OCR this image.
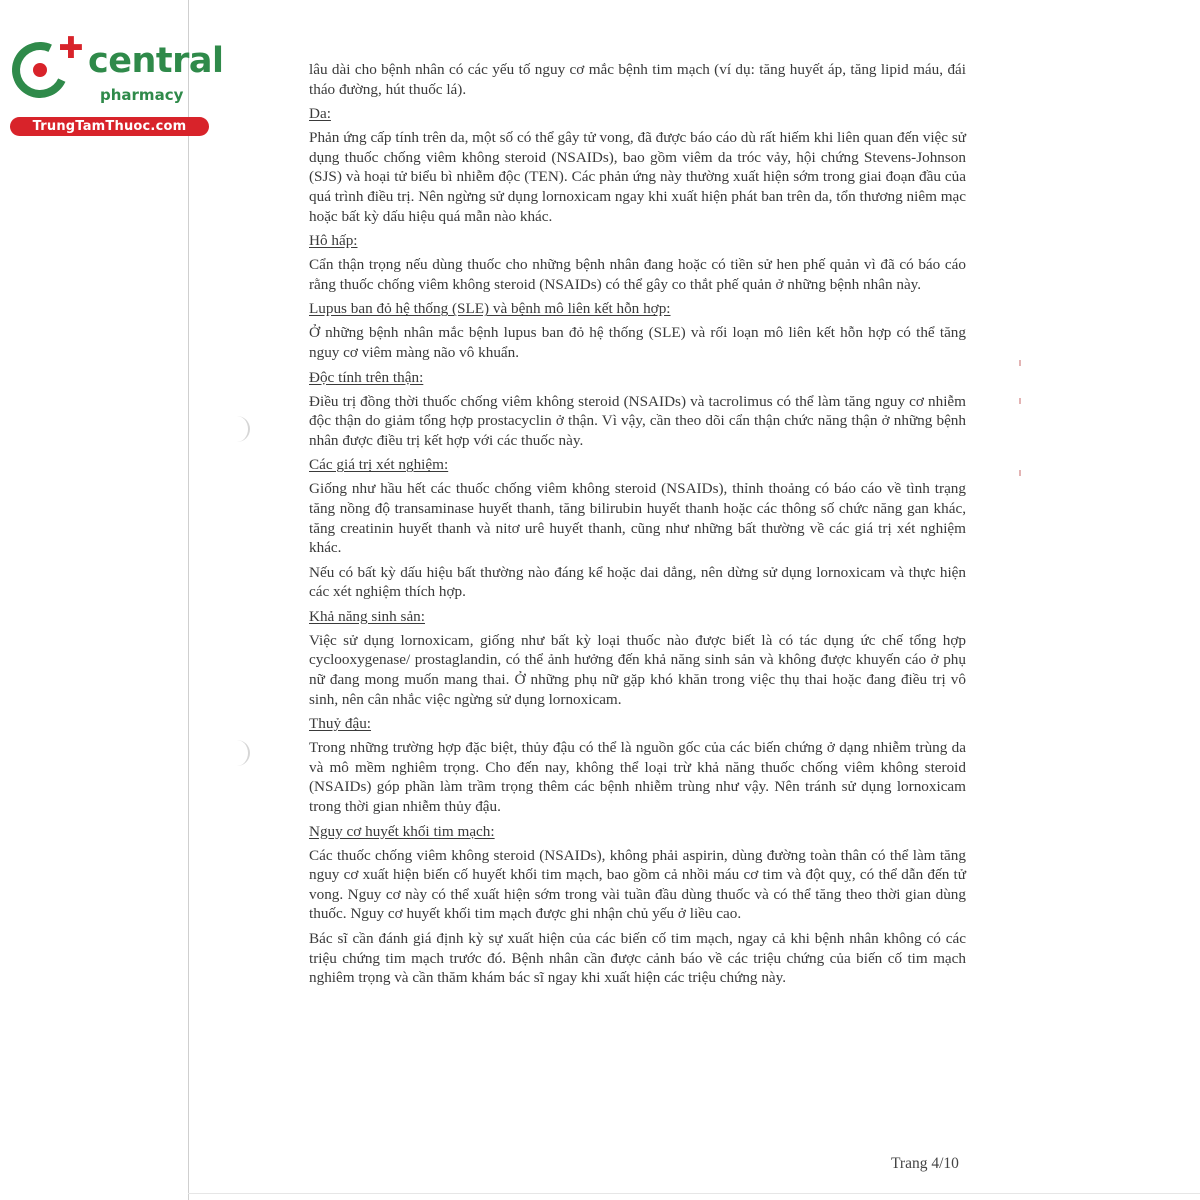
✚ central
pharmacy
TrungTamThuoc.com

lâu dài cho bệnh nhân có các yếu tố nguy cơ mắc bệnh tim mạch (ví dụ: tăng huyết áp, tăng lipid máu, đái tháo đường, hút thuốc lá).

Da:

Phản ứng cấp tính trên da, một số có thể gây tử vong, đã được báo cáo dù rất hiếm khi liên quan đến việc sử dụng thuốc chống viêm không steroid (NSAIDs), bao gồm viêm da tróc vảy, hội chứng Stevens-Johnson (SJS) và hoại tử biểu bì nhiễm độc (TEN). Các phản ứng này thường xuất hiện sớm trong giai đoạn đầu của quá trình điều trị. Nên ngừng sử dụng lornoxicam ngay khi xuất hiện phát ban trên da, tổn thương niêm mạc hoặc bất kỳ dấu hiệu quá mẫn nào khác.

Hô hấp:

Cẩn thận trọng nếu dùng thuốc cho những bệnh nhân đang hoặc có tiền sử hen phế quản vì đã có báo cáo rằng thuốc chống viêm không steroid (NSAIDs) có thể gây co thắt phế quản ở những bệnh nhân này.

Lupus ban đỏ hệ thống (SLE) và bệnh mô liên kết hỗn hợp:

Ở những bệnh nhân mắc bệnh lupus ban đỏ hệ thống (SLE) và rối loạn mô liên kết hỗn hợp có thể tăng nguy cơ viêm màng não vô khuẩn.

Độc tính trên thận:

Điều trị đồng thời thuốc chống viêm không steroid (NSAIDs) và tacrolimus có thể làm tăng nguy cơ nhiễm độc thận do giảm tổng hợp prostacyclin ở thận. Vì vậy, cần theo dõi cẩn thận chức năng thận ở những bệnh nhân được điều trị kết hợp với các thuốc này.

Các giá trị xét nghiệm:

Giống như hầu hết các thuốc chống viêm không steroid (NSAIDs), thỉnh thoảng có báo cáo về tình trạng tăng nồng độ transaminase huyết thanh, tăng bilirubin huyết thanh hoặc các thông số chức năng gan khác, tăng creatinin huyết thanh và nitơ urê huyết thanh, cũng như những bất thường về các giá trị xét nghiệm khác.

Nếu có bất kỳ dấu hiệu bất thường nào đáng kể hoặc dai dẳng, nên dừng sử dụng lornoxicam và thực hiện các xét nghiệm thích hợp.

Khả năng sinh sản:

Việc sử dụng lornoxicam, giống như bất kỳ loại thuốc nào được biết là có tác dụng ức chế tổng hợp cyclooxygenase/ prostaglandin, có thể ảnh hưởng đến khả năng sinh sản và không được khuyến cáo ở phụ nữ đang mong muốn mang thai. Ở những phụ nữ gặp khó khăn trong việc thụ thai hoặc đang điều trị vô sinh, nên cân nhắc việc ngừng sử dụng lornoxicam.

Thuỷ đậu:

Trong những trường hợp đặc biệt, thủy đậu có thể là nguồn gốc của các biến chứng ở dạng nhiễm trùng da và mô mềm nghiêm trọng. Cho đến nay, không thể loại trừ khả năng thuốc chống viêm không steroid (NSAIDs) góp phần làm trầm trọng thêm các bệnh nhiễm trùng như vậy. Nên tránh sử dụng lornoxicam trong thời gian nhiễm thủy đậu.

Nguy cơ huyết khối tim mạch:

Các thuốc chống viêm không steroid (NSAIDs), không phải aspirin, dùng đường toàn thân có thể làm tăng nguy cơ xuất hiện biến cố huyết khối tim mạch, bao gồm cả nhồi máu cơ tim và đột quỵ, có thể dẫn đến tử vong. Nguy cơ này có thể xuất hiện sớm trong vài tuần đầu dùng thuốc và có thể tăng theo thời gian dùng thuốc. Nguy cơ huyết khối tim mạch được ghi nhận chủ yếu ở liều cao.

Bác sĩ cần đánh giá định kỳ sự xuất hiện của các biến cố tim mạch, ngay cả khi bệnh nhân không có các triệu chứng tim mạch trước đó. Bệnh nhân cần được cảnh báo về các triệu chứng của biến cố tim mạch nghiêm trọng và cần thăm khám bác sĩ ngay khi xuất hiện các triệu chứng này.

Trang 4/10
